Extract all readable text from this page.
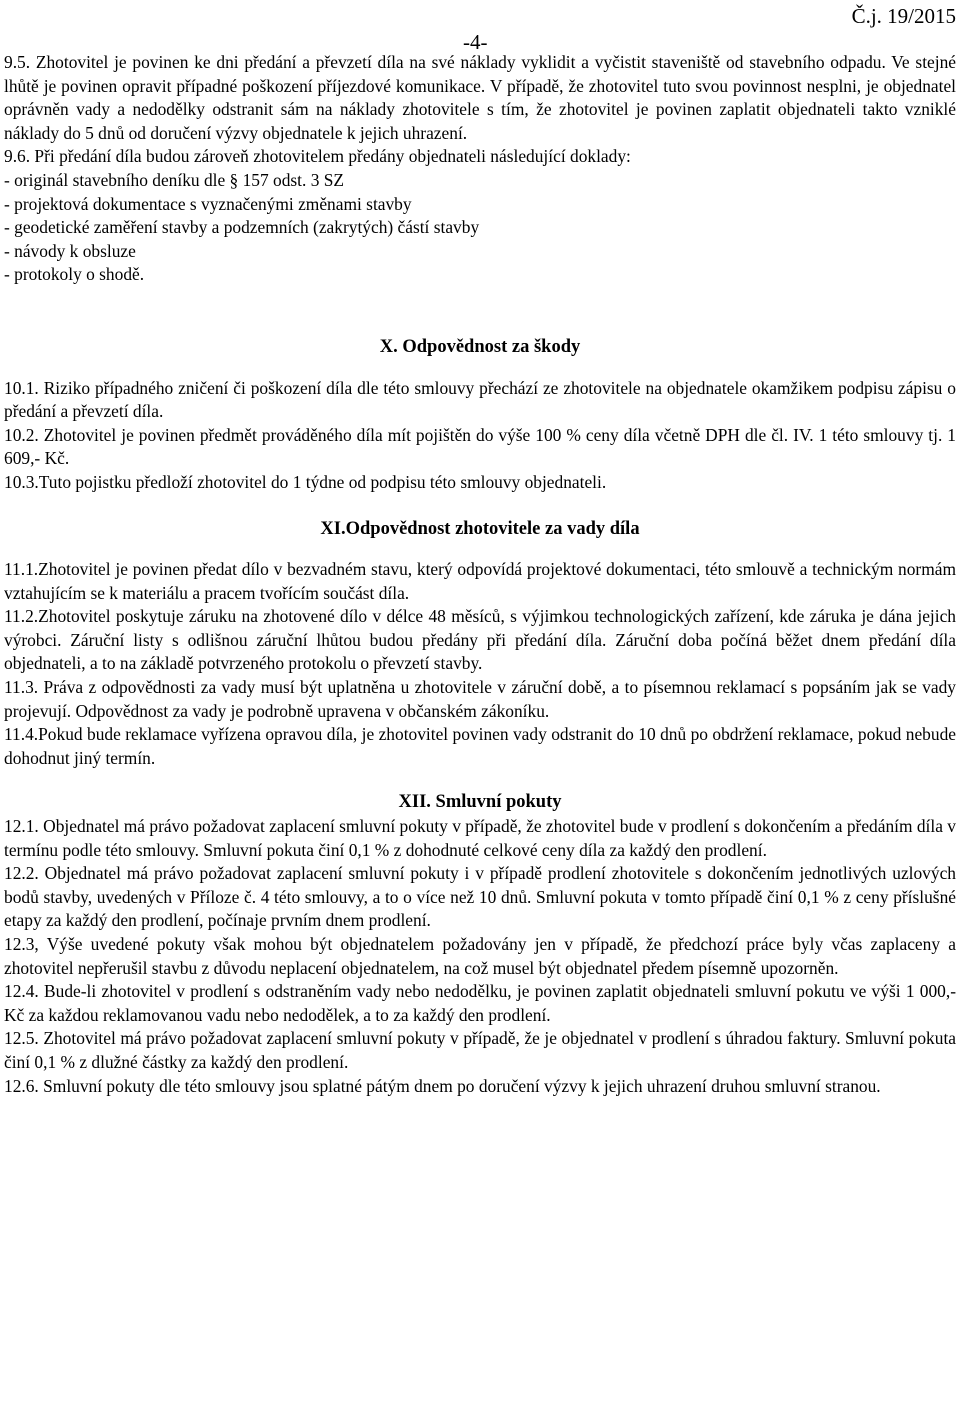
Č.j. 19/2015
-4-

9.5. Zhotovitel je povinen ke dni předání a převzetí díla na své náklady vyklidit a vyčistit staveniště od stavebního odpadu. Ve stejné lhůtě je povinen opravit případné poškození příjezdové komunikace. V případě, že zhotovitel tuto svou povinnost nesplni, je objednatel oprávněn vady a nedodělky odstranit sám na náklady zhotovitele s tím, že zhotovitel je povinen zaplatit objednateli takto vzniklé náklady do 5 dnů od doručení výzvy objednatele k jejich uhrazení.

9.6. Při předání díla budou zároveň zhotovitelem předány objednateli následující doklady:

- originál stavebního deníku dle § 157 odst. 3 SZ

- projektová dokumentace s vyznačenými změnami stavby

- geodetické zaměření stavby a podzemních (zakrytých) částí stavby

- návody k obsluze

- protokoly o shodě.

X. Odpovědnost za škody

10.1. Riziko případného zničení či poškození díla dle této smlouvy přechází ze zhotovitele na objednatele okamžikem podpisu zápisu o předání a převzetí díla.

10.2. Zhotovitel je povinen předmět prováděného díla mít pojištěn do výše 100 % ceny díla včetně DPH dle čl. IV. 1 této smlouvy tj. 1 609,- Kč.

10.3.Tuto pojistku předloží zhotovitel do 1 týdne od podpisu této smlouvy objednateli.

XI.Odpovědnost zhotovitele za vady díla

11.1.Zhotovitel je povinen předat dílo v bezvadném stavu, který odpovídá projektové dokumentaci, této smlouvě a technickým normám vztahujícím se k materiálu a pracem tvořícím součást díla.

11.2.Zhotovitel poskytuje záruku na zhotovené dílo v délce 48 měsíců, s výjimkou technologických zařízení, kde záruka je dána jejich výrobci. Záruční listy s odlišnou záruční lhůtou budou předány při předání díla. Záruční doba počíná běžet dnem předání díla objednateli, a to na základě potvrzeného protokolu o převzetí stavby.

11.3. Práva z odpovědnosti za vady musí být uplatněna u zhotovitele v záruční době, a to písemnou reklamací s popsáním jak se vady projevují. Odpovědnost za vady je podrobně upravena v občanském zákoníku.

11.4.Pokud bude reklamace vyřízena opravou díla, je zhotovitel povinen vady odstranit do 10 dnů po obdržení reklamace, pokud nebude dohodnut jiný termín.

XII. Smluvní pokuty

12.1. Objednatel má právo požadovat zaplacení smluvní pokuty v případě, že zhotovitel bude v prodlení s dokončením a předáním díla v termínu podle této smlouvy. Smluvní pokuta činí 0,1 % z dohodnuté celkové ceny díla za každý den prodlení.

12.2. Objednatel má právo požadovat zaplacení smluvní pokuty i v případě prodlení zhotovitele s dokončením jednotlivých uzlových bodů stavby, uvedených v Příloze č. 4 této smlouvy, a to o více než 10 dnů. Smluvní pokuta v tomto případě činí 0,1 % z ceny příslušné etapy za každý den prodlení, počínaje prvním dnem prodlení.

12.3, Výše uvedené pokuty však mohou být objednatelem požadovány jen v případě, že předchozí práce byly včas zaplaceny a zhotovitel nepřerušil stavbu z důvodu neplacení objednatelem, na což musel být objednatel předem písemně upozorněn.

12.4. Bude-li zhotovitel v prodlení s odstraněním vady nebo nedodělku, je povinen zaplatit objednateli smluvní pokutu ve výši 1 000,- Kč za každou reklamovanou vadu nebo nedodělek, a to za každý den prodlení.

12.5. Zhotovitel má právo požadovat zaplacení smluvní pokuty v případě, že je objednatel v prodlení s úhradou faktury. Smluvní pokuta činí 0,1 % z dlužné částky za každý den prodlení.

12.6. Smluvní pokuty dle této smlouvy jsou splatné pátým dnem po doručení výzvy k jejich uhrazení druhou smluvní stranou.
